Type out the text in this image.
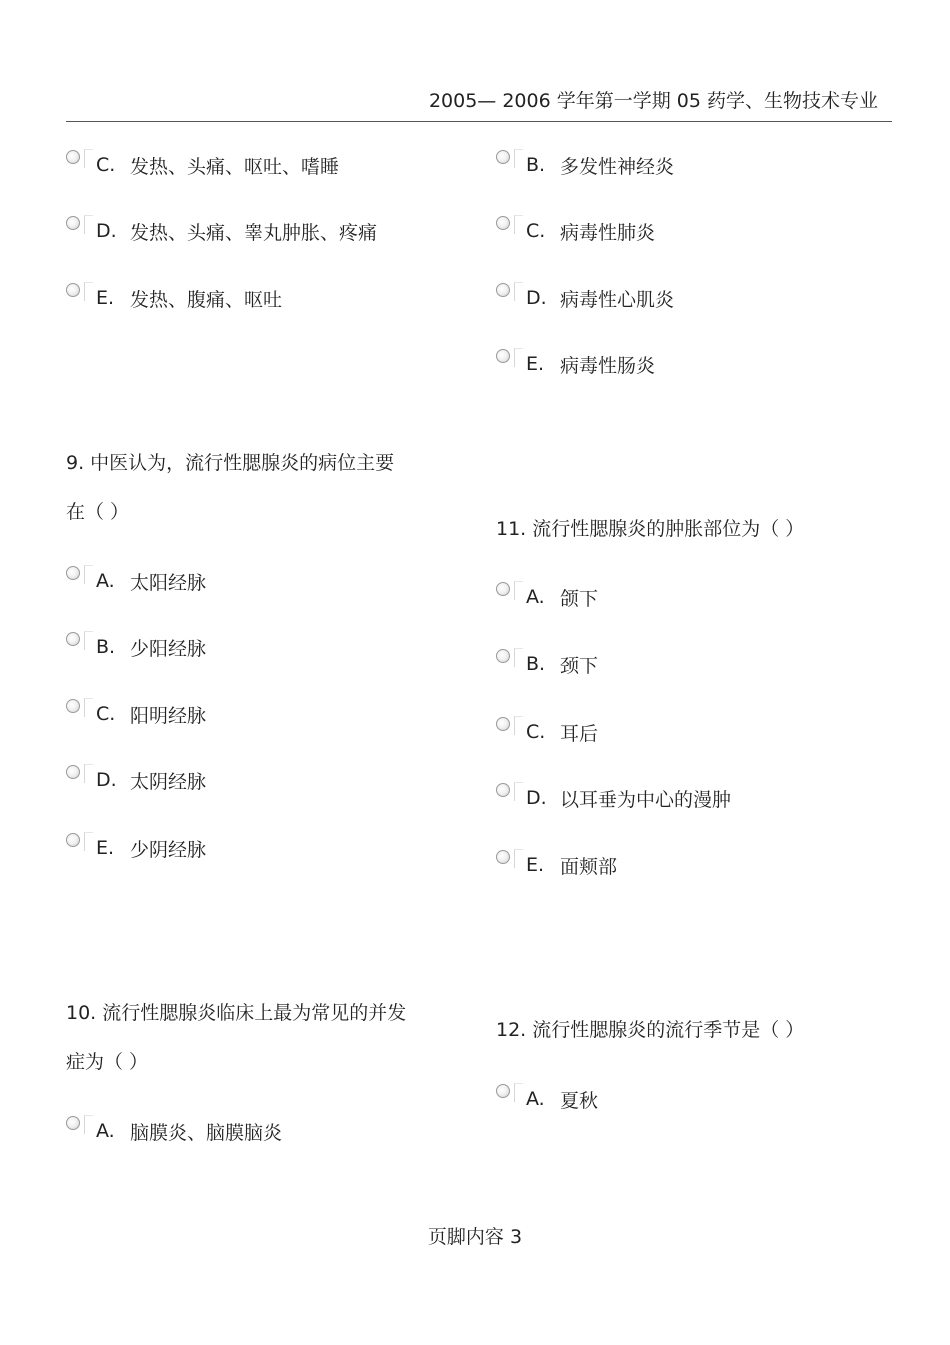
2005— 2006 学年第一学期 05 药学、生物技术专业
C. 发热、头痛、呕吐、嗜睡
D. 发热、头痛、睾丸肿胀、疼痛
E. 发热、腹痛、呕吐
9. 中医认为，流行性腮腺炎的病位主要
在（ ）
A. 太阳经脉
B. 少阳经脉
C. 阳明经脉
D. 太阴经脉
E. 少阴经脉
10. 流行性腮腺炎临床上最为常见的并发
症为（ ）
A. 脑膜炎、脑膜脑炎
B. 多发性神经炎
C. 病毒性肺炎
D. 病毒性心肌炎
E. 病毒性肠炎
11. 流行性腮腺炎的肿胀部位为（ ）
A. 颌下
B. 颈下
C. 耳后
D. 以耳垂为中心的漫肿
E. 面颊部
12. 流行性腮腺炎的流行季节是（ ）
A. 夏秋
页脚内容 3
